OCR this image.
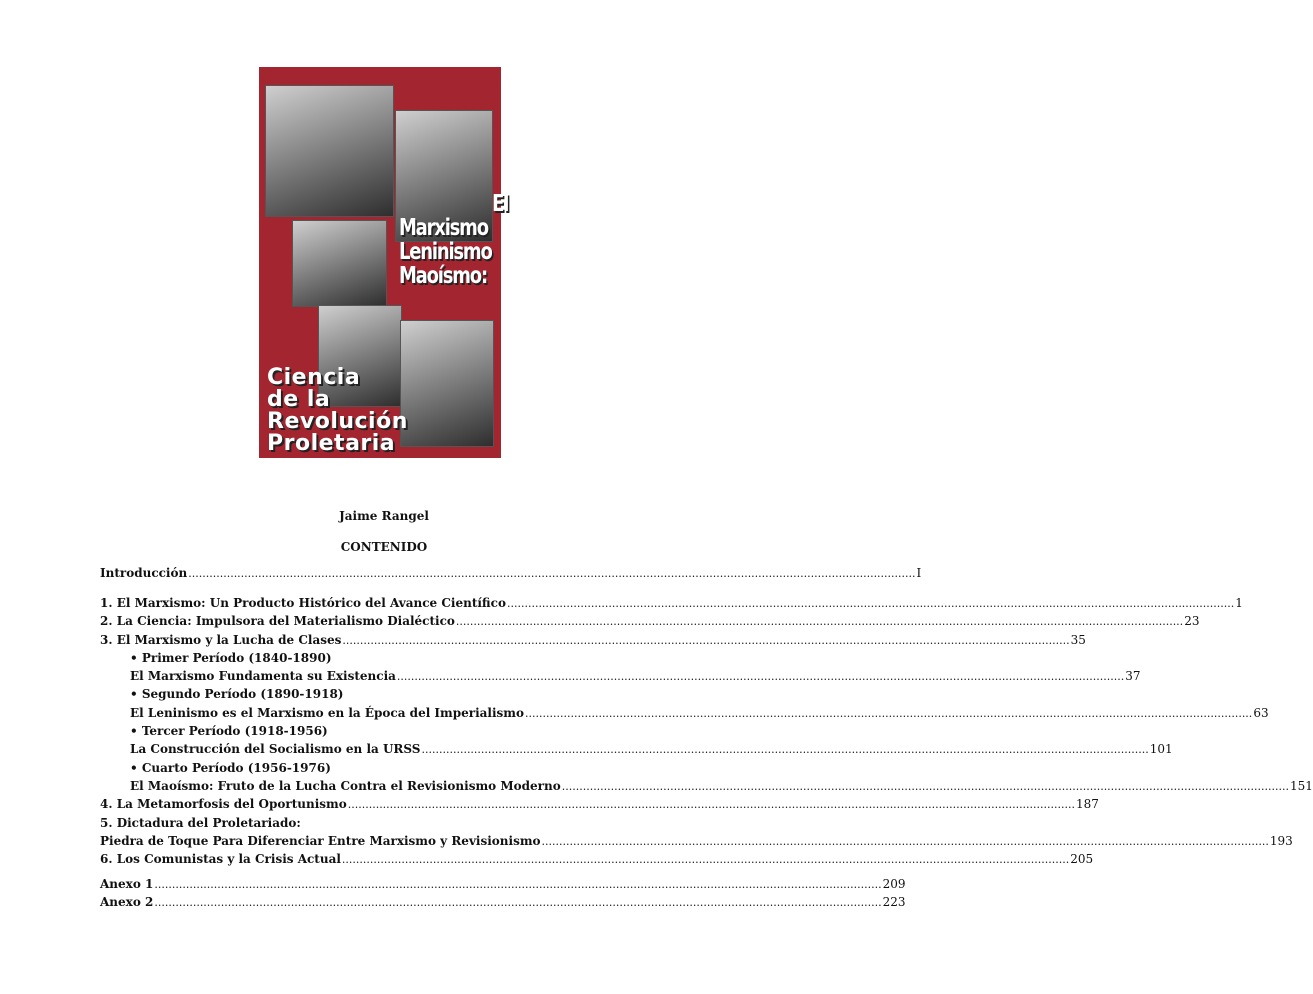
El
Marxismo
Leninismo
Maoísmo:
Ciencia
de la
Revolución
Proletaria
Jaime Rangel
CONTENIDO
Introducción .....	I
1. El Marxismo: Un Producto Histórico del Avance Científico .....	1
2. La Ciencia: Impulsora del Materialismo Dialéctico .....	23
3. El Marxismo y la Lucha de Clases .....	35
• Primer Período (1840-1890)
El Marxismo Fundamenta su Existencia .....	37
• Segundo Período (1890-1918)
El Leninismo es el Marxismo en la Época del Imperialismo .....	63
• Tercer Período (1918-1956)
La Construcción del Socialismo en la URSS .....	101
• Cuarto Período (1956-1976)
El Maoísmo: Fruto de la Lucha Contra el Revisionismo Moderno .....	151
4. La Metamorfosis del Oportunismo .....	187
5. Dictadura del Proletariado:
Piedra de Toque Para Diferenciar Entre Marxismo y Revisionismo .....	193
6. Los Comunistas y la Crisis Actual .....	205
Anexo 1 .....	209
Anexo 2 .....	223
